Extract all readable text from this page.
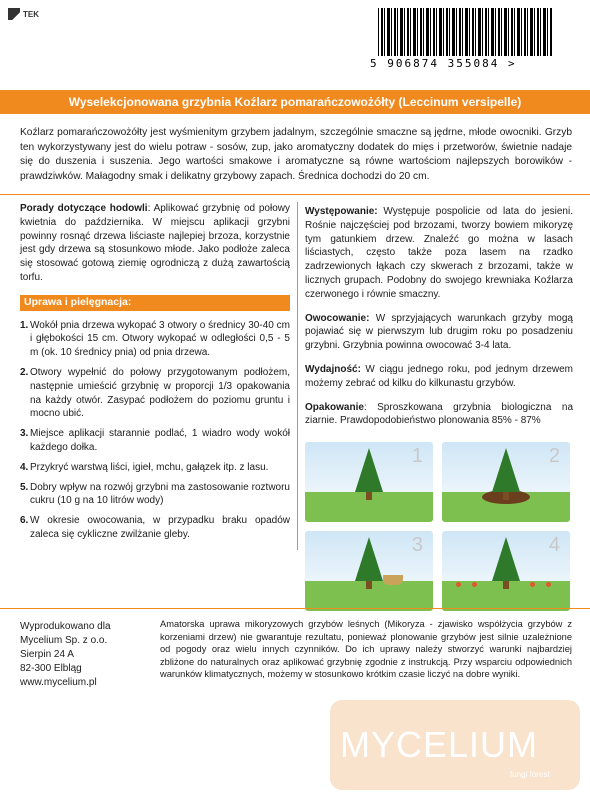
TEK
5 906874 355084 >
Wyselekcjonowana grzybnia Koźlarz pomarańczowożółty (Leccinum versipelle)

Koźlarz pomarańczowożółty jest wyśmienitym grzybem jadalnym, szczególnie smaczne są jędrne, młode owocniki. Grzyb ten wykorzystywany jest do wielu potraw - sosów, zup, jako aromatyczny dodatek do mięs i przetworów, świetnie nadaje się do duszenia i suszenia. Jego wartości smakowe i aromatyczne są równe wartościom najlepszych borowików - prawdziwków. Małagodny smak i delikatny grzybowy zapach. Średnica dochodzi do 20 cm.

Porady dotyczące hodowli: Aplikować grzybnię od połowy kwietnia do października. W miejscu aplikacji grzybni powinny rosnąć drzewa liściaste najlepiej brzoza, korzystnie jest gdy drzewa są stosunkowo młode. Jako podłoże zaleca się stosować gotową ziemię ogrodniczą z dużą zawartością torfu.

Uprawa i pielęgnacja:
1. Wokół pnia drzewa wykopać 3 otwory o średnicy 30-40 cm i głębokości 15 cm. Otwory wykopać w odległości 0,5 - 5 m (ok. 10 średnicy pnia) od pnia drzewa.
2. Otwory wypełnić do połowy przygotowanym podłożem, następnie umieścić grzybnię w proporcji 1/3 opakowania na każdy otwór. Zasypać podłożem do poziomu gruntu i mocno ubić.
3. Miejsce aplikacji starannie podlać, 1 wiadro wody wokół każdego dołka.
4. Przykryć warstwą liści, igieł, mchu, gałązek itp. z lasu.
5. Dobry wpływ na rozwój grzybni ma zastosowanie roztworu cukru (10 g na 10 litrów wody)
6. W okresie owocowania, w przypadku braku opadów zaleca się cykliczne zwilżanie gleby.

Występowanie: Występuje pospolicie od lata do jesieni. Rośnie najczęściej pod brzozami, tworzy bowiem mikoryzę tym gatunkiem drzew. Znaleźć go można w lasach liściastych, często także poza lasem na rzadko zadrzewionych łąkach czy skwerach z brzozami, także w licznych grupach. Podobny do swojego krewniaka Koźlarza czerwonego i równie smaczny.

Owocowanie: W sprzyjających warunkach grzyby mogą pojawiać się w pierwszym lub drugim roku po posadzeniu grzybni. Grzybnia powinna owocować 3-4 lata.

Wydajność: W ciągu jednego roku, pod jednym drzewem możemy zebrać od kilku do kilkunastu grzybów.

Opakowanie: Sproszkowana grzybnia biologiczna na ziarnie. Prawdopodobieństwo plonowania 85% - 87%

1	2
3	4
Wyprodukowano dla
Mycelium Sp. z o.o.
Sierpin 24 A
82-300 Elbląg
www.mycelium.pl

Amatorska uprawa mikoryzowych grzybów leśnych (Mikoryza - zjawisko współżycia grzybów z korzeniami drzew) nie gwarantuje rezultatu, ponieważ plonowanie grzybów jest silnie uzależnione od pogody oraz wielu innych czynników. Do ich uprawy należy stworzyć warunki najbardziej zbliżone do naturalnych oraz aplikować grzybnię zgodnie z instrukcją. Przy wsparciu odpowiednich warunków klimatycznych, możemy w stosunkowo krótkim czasie liczyć na dobre wyniki.

MYCELIUM
fungi forest
